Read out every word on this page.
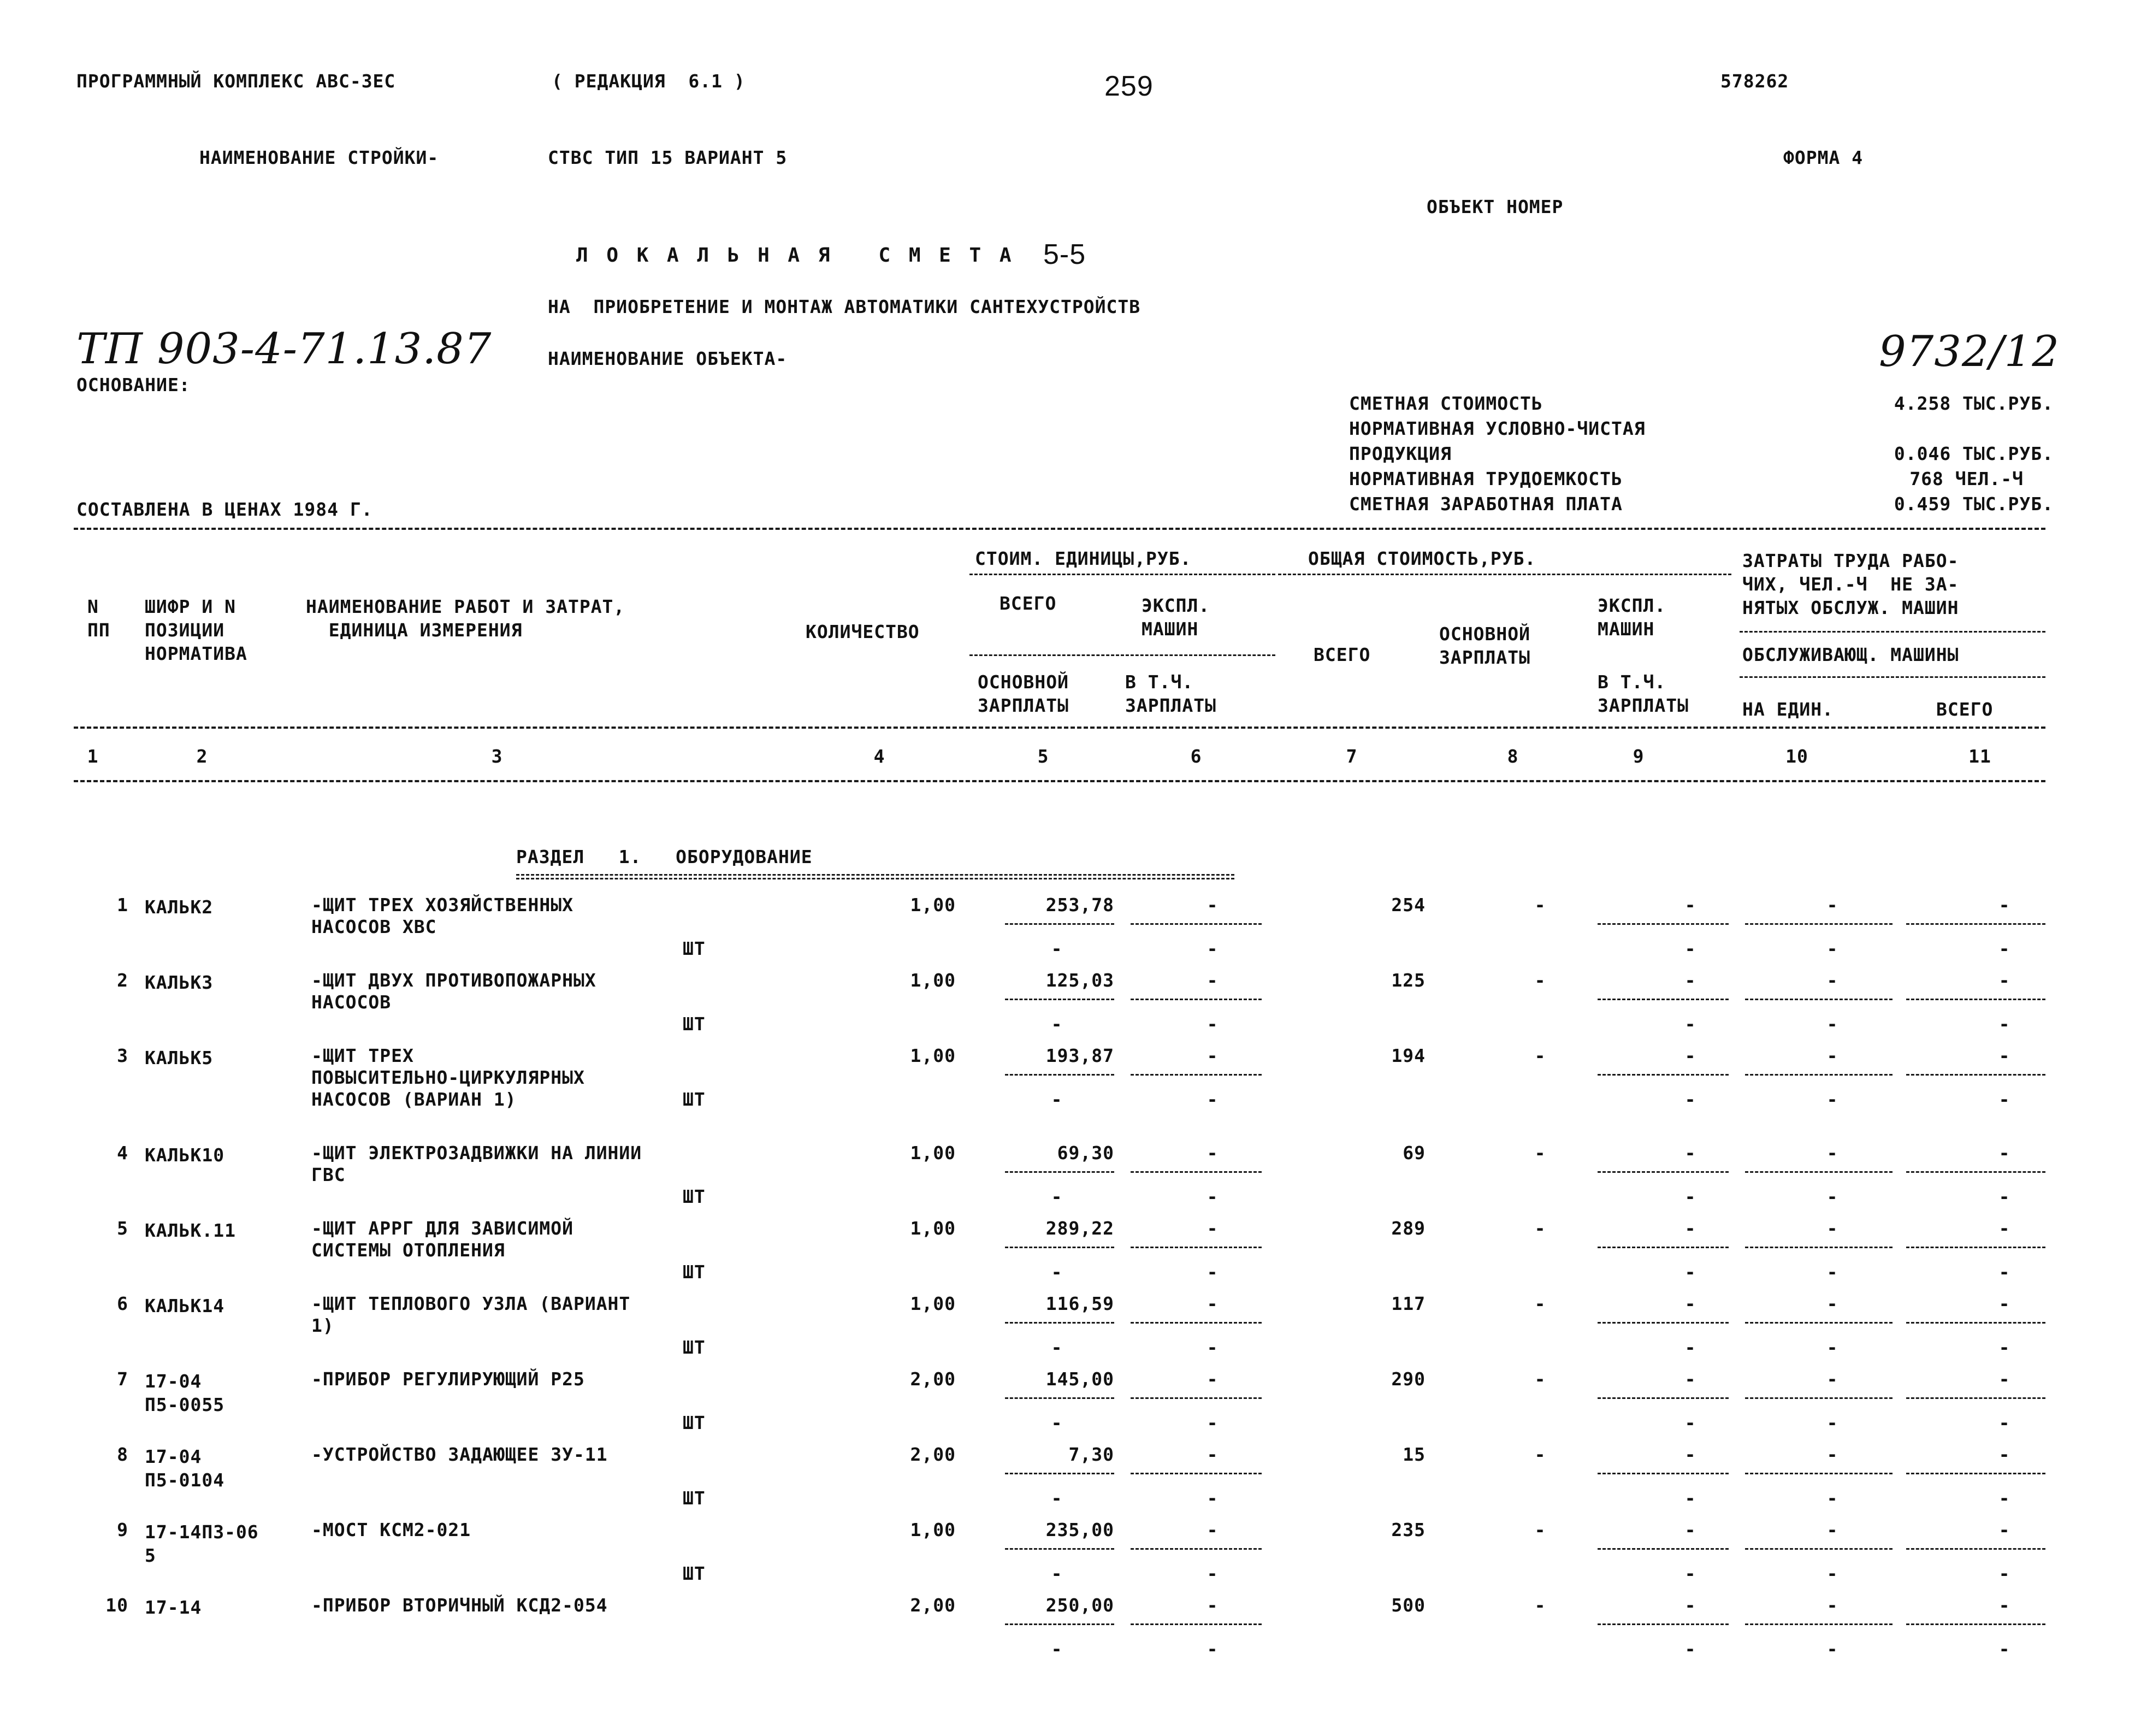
ПРОГРАММНЫЙ КОМПЛЕКС АВС-3ЕС	( РЕДАКЦИЯ  6.1 )	259	578262
НАИМЕНОВАНИЕ СТРОЙКИ-	СТВС ТИП 15 ВАРИАНТ 5	ФОРМА 4
ОБЪЕКТ НОМЕР
Л О К А Л Ь Н А Я   С М Е Т А 5-5
НА  ПРИОБРЕТЕНИЕ И МОНТАЖ АВТОМАТИКИ САНТЕХУСТРОЙСТВ
ТП 903-4-71.13.87	НАИМЕНОВАНИЕ ОБЪЕКТА-	9732/12
ОСНОВАНИЕ:
СМЕТНАЯ СТОИМОСТЬ	4.258 ТЫС.РУБ.
НОРМАТИВНАЯ УСЛОВНО-ЧИСТАЯ
ПРОДУКЦИЯ	0.046 ТЫС.РУБ.
НОРМАТИВНАЯ ТРУДОЕМКОСТЬ	768 ЧЕЛ.-Ч
СМЕТНАЯ ЗАРАБОТНАЯ ПЛАТА	0.459 ТЫС.РУБ.
СОСТАВЛЕНА В ЦЕНАХ 1984 Г.
N
ПП
ШИФР И N
ПОЗИЦИИ
НОРМАТИВА
НАИМЕНОВАНИЕ РАБОТ И ЗАТРАТ,
ЕДИНИЦА ИЗМЕРЕНИЯ	КОЛИЧЕСТВО
СТОИМ. ЕДИНИЦЫ,РУБ.
ВСЕГО	ЭКСПЛ.
МАШИН
ОСНОВНОЙ
ЗАРПЛАТЫ
В Т.Ч.
ЗАРПЛАТЫ
ОБЩАЯ СТОИМОСТЬ,РУБ.
ВСЕГО
ОСНОВНОЙ
ЗАРПЛАТЫ
ЭКСПЛ.
МАШИН
В Т.Ч.
ЗАРПЛАТЫ
ЗАТРАТЫ ТРУДА РАБО-
ЧИХ, ЧЕЛ.-Ч  НЕ ЗА-
НЯТЫХ ОБСЛУЖ. МАШИН
ОБСЛУЖИВАЮЩ. МАШИНЫ
НА ЕДИН.	ВСЕГО
1	2	3	4	5	6	7	8	9	10	11
РАЗДЕЛ   1.   ОБОРУДОВАНИЕ
1 КАЛЬК2	-ЩИТ ТРЕХ ХОЗЯЙСТВЕННЫХ
НАСОСОВ ХВС
ШТ
1,00	253,78	-	254	-	-	-	-
-	-	-	-	-
2 КАЛЬК3	-ЩИТ ДВУХ ПРОТИВОПОЖАРНЫХ
НАСОСОВ
ШТ
1,00	125,03	-	125	-	-	-	-
-	-	-	-	-
3 КАЛЬК5	-ЩИТ ТРЕХ
ПОВЫСИТЕЛЬНО-ЦИРКУЛЯРНЫХ
НАСОСОВ (ВАРИАН 1)	ШТ
1,00	193,87	-	194	-	-	-	-
-	-	-	-	-
4 КАЛЬК10	-ЩИТ ЭЛЕКТРОЗАДВИЖКИ НА ЛИНИИ
ГВС
ШТ
1,00	69,30	-	69	-	-	-	-
-	-	-	-	-
5 КАЛЬК.11	-ЩИТ АРРГ ДЛЯ ЗАВИСИМОЙ
СИСТЕМЫ ОТОПЛЕНИЯ
ШТ
1,00	289,22	-	289	-	-	-	-
-	-	-	-	-
6 КАЛЬК14	-ЩИТ ТЕПЛОВОГО УЗЛА (ВАРИАНТ
1)
ШТ
1,00	116,59	-	117	-	-	-	-
-	-	-	-	-
7 17-04
П5-0055
-ПРИБОР РЕГУЛИРУЮЩИЙ Р25
ШТ
2,00	145,00	-	290	-	-	-	-
-	-	-	-	-
8 17-04
П5-0104
-УСТРОЙСТВО ЗАДАЮЩЕЕ ЗУ-11
ШТ
2,00	7,30	-	15	-	-	-	-
-	-	-	-	-
9 17-14П3-06
5
-МОСТ КСМ2-021
ШТ
1,00	235,00	-	235	-	-	-	-
-	-	-	-	-
10 17-14	-ПРИБОР ВТОРИЧНЫЙ КСД2-054	2,00	250,00	-	500	-	-	-	-
-	-	-	-	-
